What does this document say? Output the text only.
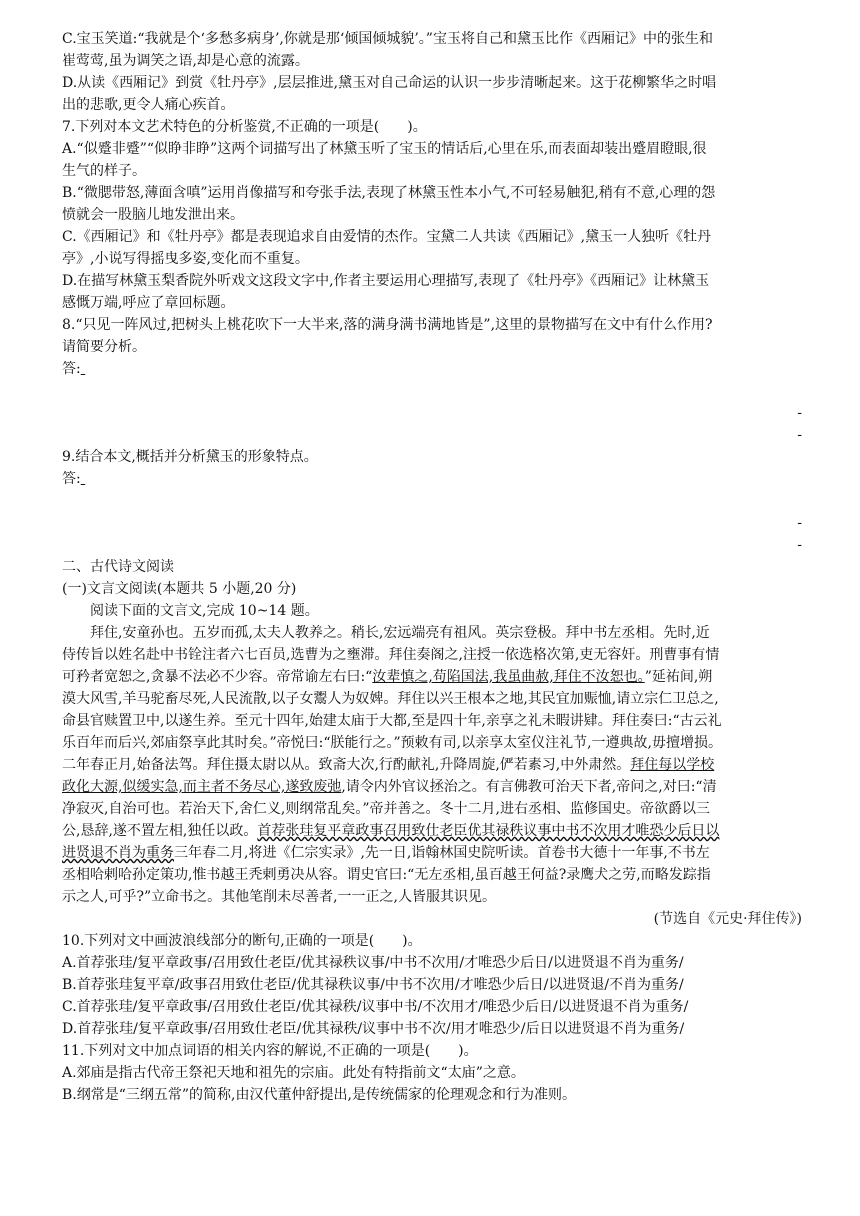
C.宝玉笑道:“我就是个‘多愁多病身’,你就是那‘倾国倾城貌’。”宝玉将自己和黛玉比作《西厢记》中的张生和
崔莺莺,虽为调笑之语,却是心意的流露。
D.从读《西厢记》到赏《牡丹亭》,层层推进,黛玉对自己命运的认识一步步清晰起来。这于花柳繁华之时唱
出的悲歌,更令人痛心疾首。
7.下列对本文艺术特色的分析鉴赏,不正确的一项是(　　)。
A.“似蹙非蹙”“似睁非睁”这两个词描写出了林黛玉听了宝玉的情话后,心里在乐,而表面却装出蹙眉瞪眼,很
生气的样子。
B.“微腮带怒,薄面含嗔”运用肖像描写和夸张手法,表现了林黛玉性本小气,不可轻易触犯,稍有不意,心理的怨
愤就会一股脑儿地发泄出来。
C.《西厢记》和《牡丹亭》都是表现追求自由爱情的杰作。宝黛二人共读《西厢记》,黛玉一人独听《牡丹
亭》,小说写得摇曳多姿,变化而不重复。
D.在描写林黛玉梨香院外听戏文这段文字中,作者主要运用心理描写,表现了《牡丹亭》《西厢记》让林黛玉
感慨万端,呼应了章回标题。
8.“只见一阵风过,把树头上桃花吹下一大半来,落的满身满书满地皆是”,这里的景物描写在文中有什么作用?
请简要分析。
答:
-
-
9.结合本文,概括并分析黛玉的形象特点。
答:
-
-
二、古代诗文阅读
(一)文言文阅读(本题共 5 小题,20 分)
阅读下面的文言文,完成 10~14 题。
拜住,安童孙也。五岁而孤,太夫人教养之。稍长,宏远端亮有祖风。英宗登极。拜中书左丞相。先时,近
侍传旨以姓名赴中书铨注者六七百员,选曹为之壅滞。拜住奏阁之,注授一依选格次第,吏无容奸。刑曹事有情
可矜者宽恕之,贪暴不法必不少容。帝常谕左右曰:“汝辈慎之,苟陷国法,我虽曲赦,拜住不汝恕也。”延祐间,朔
漠大风雪,羊马驼畜尽死,人民流散,以子女鬻人为奴婢。拜住以兴王根本之地,其民宜加赈恤,请立宗仁卫总之,
命县官赎置卫中,以遂生养。至元十四年,始建太庙于大都,至是四十年,亲享之礼未暇讲肄。拜住奏曰:“古云礼
乐百年而后兴,郊庙祭享此其时矣。”帝悦曰:“朕能行之。”预敕有司,以亲享太室仪注礼节,一遵典故,毋擅增损。
二年春正月,始备法驾。拜住摄太尉以从。致斋大次,行酌献礼,升降周旋,俨若素习,中外肃然。拜住每以学校
政化大源,似缓实急,而主者不务尽心,遂致废弛,请令内外官议拯治之。有言佛教可治天下者,帝问之,对曰:“清
净寂灭,自治可也。若治天下,舍仁义,则纲常乱矣。”帝并善之。冬十二月,进右丞相、监修国史。帝欲爵以三
公,恳辞,遂不置左相,独任以政。首荐张珪复平章政事召用致仕老臣优其禄秩议事中书不次用才唯恐少后日以
进贤退不肖为重务三年春二月,将进《仁宗实录》,先一日,诣翰林国史院听读。首卷书大德十一年事,不书左
丞相哈剌哈孙定策功,惟书越王秃剌勇决从容。谓史官曰:“无左丞相,虽百越王何益?录鹰犬之劳,而略发踪指
示之人,可乎?”立命书之。其他笔削未尽善者,一一正之,人皆服其识见。
(节选自《元史·拜住传》)
10.下列对文中画波浪线部分的断句,正确的一项是(　　)。
A.首荐张珪/复平章政事/召用致仕老臣/优其禄秩议事/中书不次用/才唯恐少后日/以进贤退不肖为重务/
B.首荐张珪复平章/政事召用致仕老臣/优其禄秩议事/中书不次用/才唯恐少后日/以进贤退/不肖为重务/
C.首荐张珪/复平章政事/召用致仕老臣/优其禄秩/议事中书/不次用才/唯恐少后日/以进贤退不肖为重务/
D.首荐张珪/复平章政事/召用致仕老臣/优其禄秩/议事中书不次/用才唯恐少/后日以进贤退不肖为重务/
11.下列对文中加点词语的相关内容的解说,不正确的一项是(　　)。
A.郊庙是指古代帝王祭祀天地和祖先的宗庙。此处有特指前文“太庙”之意。
B.纲常是“三纲五常”的简称,由汉代董仲舒提出,是传统儒家的伦理观念和行为准则。
